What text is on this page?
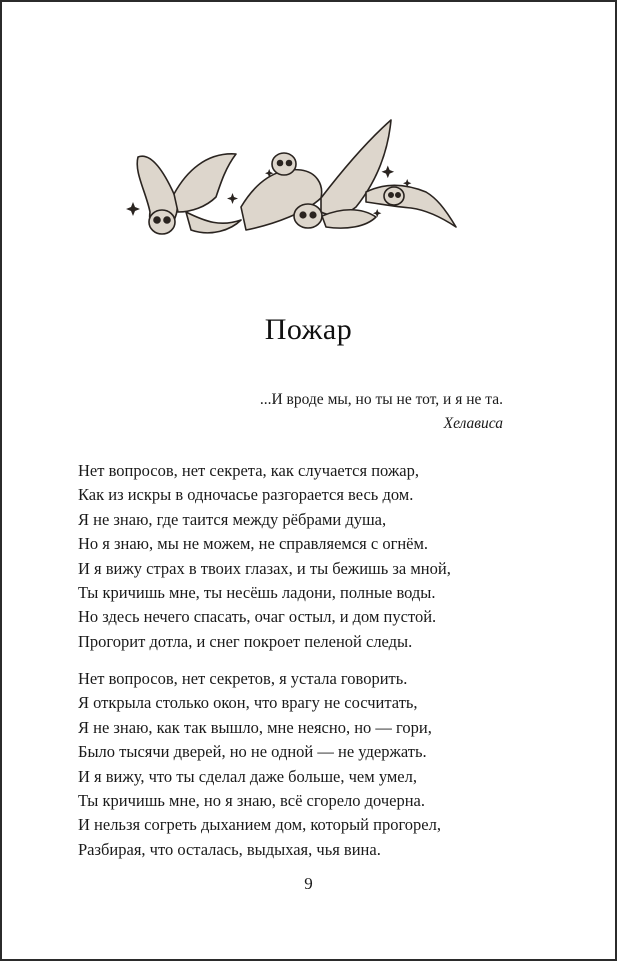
Пожар
...И вроде мы, но ты не тот, и я не та.
Хелависа
Нет вопросов, нет секрета, как случается пожар,
Как из искры в одночасье разгорается весь дом.
Я не знаю, где таится между рёбрами душа,
Но я знаю, мы не можем, не справляемся с огнём.
И я вижу страх в твоих глазах, и ты бежишь за мной,
Ты кричишь мне, ты несёшь ладони, полные воды.
Но здесь нечего спасать, очаг остыл, и дом пустой.
Прогорит дотла, и снег покроет пеленой следы.
Нет вопросов, нет секретов, я устала говорить.
Я открыла столько окон, что врагу не сосчитать,
Я не знаю, как так вышло, мне неясно, но — гори,
Было тысячи дверей, но не одной — не удержать.
И я вижу, что ты сделал даже больше, чем умел,
Ты кричишь мне, но я знаю, всё сгорело дочерна.
И нельзя согреть дыханием дом, который прогорел,
Разбирая, что осталась, выдыхая, чья вина.
9
